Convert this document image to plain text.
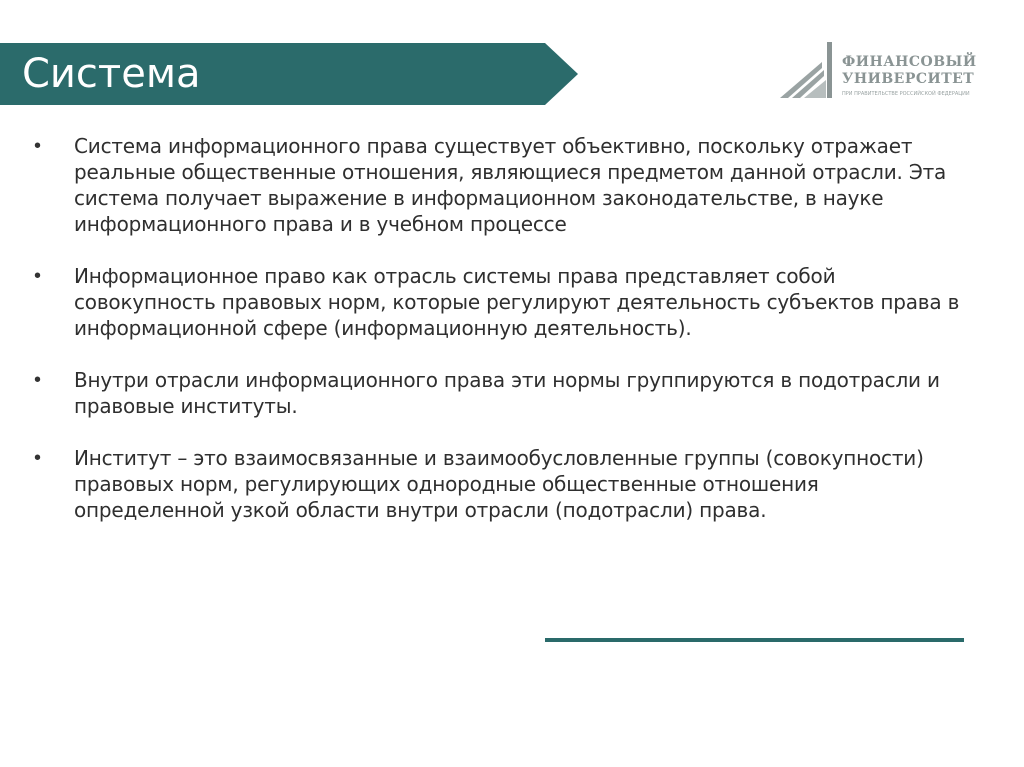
Система	ФИНАНСОВЫЙ
УНИВЕРСИТЕТ
ПРИ ПРАВИТЕЛЬСТВЕ РОССИЙСКОЙ ФЕДЕРАЦИИ
• Система информационного права существует объективно, поскольку отражает реальные общественные отношения, являющиеся предметом данной отрасли. Эта система получает выражение в информационном законодательстве, в науке информационного права и в учебном процессе
• Информационное право как отрасль системы права представляет собой совокупность правовых норм, которые регулируют деятельность субъектов права в информационной сфере (информационную деятельность).
• Внутри отрасли информационного права эти нормы группируются в подотрасли и правовые институты.
• Институт – это взаимосвязанные и взаимообусловленные группы (совокупности) правовых норм, регулирующих однородные общественные отношения определенной узкой области внутри отрасли (подотрасли) права.
